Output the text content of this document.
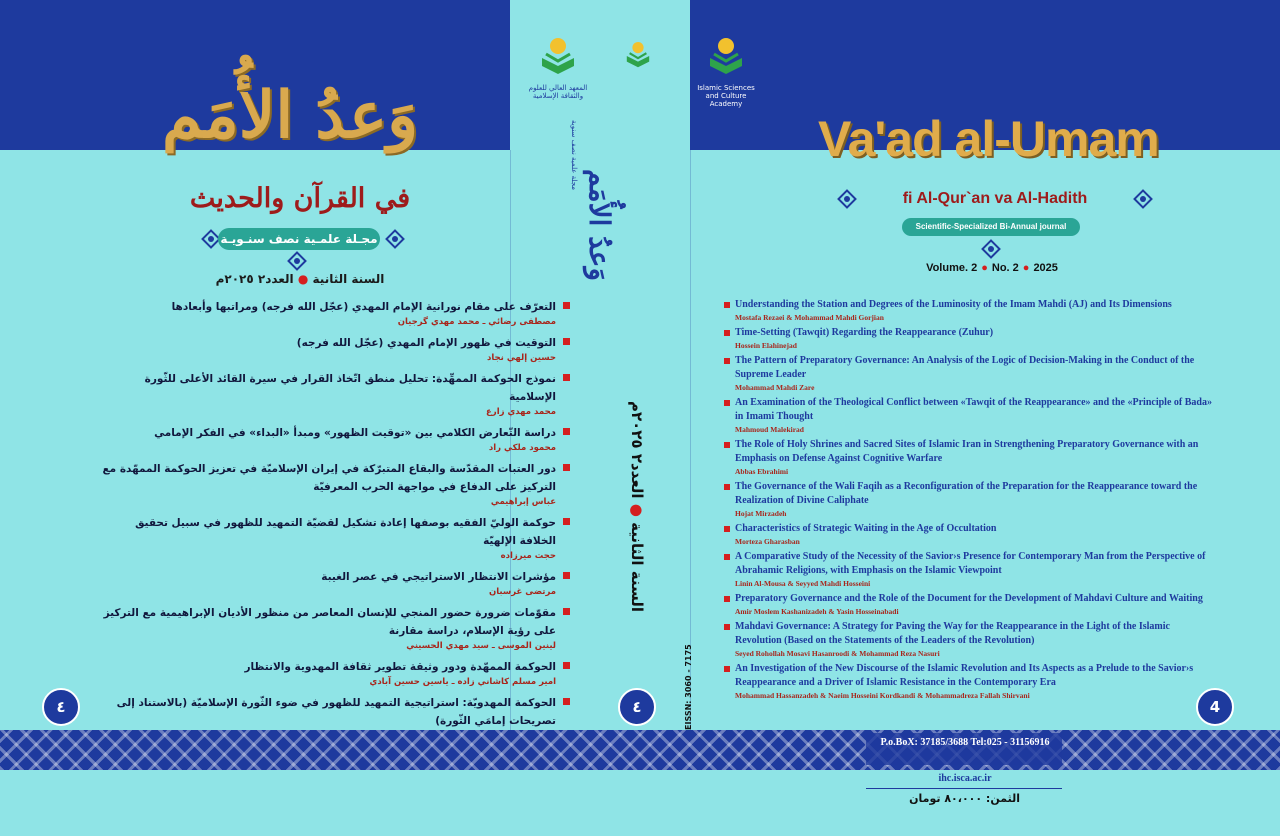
المعهد العالي للعلوم والثقافة الإسلامية
مجلة علمية نصف سنوية
Islamic Sciences and Culture Academy
وَعدُ الأُمَم
في القرآن والحديث
مجـلة علمـية نصف سنـويـة
السنة الثانية ● العدد٢ ٢٠٢٥م
التعرّف على مقام نورانية الإمام المهدي (عجّل الله فرجه) ومراتبها وأبعادها
مصطفى رضائي ـ محمد مهدي گرجيان
التوقيت في ظهور الإمام المهدي (عجّل الله فرجه)
حسين إلهي نجاد
نموذج الحوكمة الممهِّدة: تحليل منطق اتّخاذ القرار في سيرة القائد الأعلى للثّورة الإسلامية
محمد مهدي زارع
دراسة التّعارض الكلامي بين «توقيت الظهور» ومبدأ «البداء» في الفكر الإمامي
محمود ملكي راد
دور العتبات المقدّسة والبقاع المتبرّكة في إيران الإسلاميّة في تعزيز الحوكمة الممهّدة مع التركيز على الدفاع في مواجهة الحرب المعرفيّة
عباس إبراهيمي
حوكمة الوليّ الفقيه بوصفها إعادة تشكيل لقضيّة التمهيد للظهور في سبيل تحقيق الخلافة الإلهيّة
حجت ميرزاده
مؤشرات الانتظار الاستراتيجي في عصر الغيبة
مرتضى غرسبان
مقوّمات ضرورة حضور المنجي للإنسان المعاصر من منظور الأديان الإبراهيمية مع التركيز على رؤية الإسلام، دراسة مقارنة
لينين الموسى ـ سيد مهدي الحسيني
الحوكمة الممهّدة ودور وثيقة تطوير ثقافة المهدوية والانتظار
امير مسلم كاشاني زاده ـ ياسين حسين آبادي
الحوكمة المهدويّة: استراتيجية التمهيد للظهور في ضوء الثّورة الإسلاميّة (بالاستناد إلى تصريحات إمامَي الثّورة)
٤
وَعدُ الأُمَم
السنة الثانية ● العدد٢ ٢٠٢٥م
EISSN: 3060 - 7175
٤
Va'ad al-Umam
fi Al-Qur`an va Al-Hadith
Scientific-Specialized Bi-Annual journal
Volume. 2 ● No. 2 ● 2025
Understanding the Station and Degrees of the Luminosity of the Imam Mahdi (AJ) and Its Dimensions
Mostafa Rezaei & Mohammad Mahdi Gorjian
Time-Setting (Tawqit) Regarding the Reappearance (Zuhur)
Hossein Elahinejad
The Pattern of Preparatory Governance: An Analysis of the Logic of Decision-Making in the Conduct of the Supreme Leader
Mohammad Mahdi Zare
An Examination of the Theological Conflict between «Tawqit of the Reappearance» and the «Principle of Bada» in Imami Thought
Mahmoud Malekirad
The Role of Holy Shrines and Sacred Sites of Islamic Iran in Strengthening Preparatory Governance with an Emphasis on Defense Against Cognitive Warfare
Abbas Ebrahimi
The Governance of the Wali Faqih as a Reconfiguration of the Preparation for the Reappearance toward the Realization of Divine Caliphate
Hojat Mirzadeh
Characteristics of Strategic Waiting in the Age of Occultation
Morteza Gharasban
A Comparative Study of the Necessity of the Savior›s Presence for Contemporary Man from the Perspective of Abrahamic Religions, with Emphasis on the Islamic Viewpoint
Linin Al-Mousa & Seyyed Mahdi Hosseini
Preparatory Governance and the Role of the Document for the Development of Mahdavi Culture and Waiting
Amir Moslem Kashanizadeh & Yasin Hosseinabadi
Mahdavi Governance: A Strategy for Paving the Way for the Reappearance in the Light of the Islamic Revolution (Based on the Statements of the Leaders of the Revolution)
Seyed Rohollah Mosavi Hasanroodi & Mohammad Reza Nasuri
An Investigation of the New Discourse of the Islamic Revolution and Its Aspects as a Prelude to the Savior›s Reappearance and a Driver of Islamic Resistance in the Contemporary Era
Mohammad Hassanzadeh & Naeim Hosseini Kordkandi & Mohammadreza Fallah Shirvani
4
P.o.BoX: 37185/3688 Tel:025 - 31156916
ihc.isca.ac.ir
الثمن: ۸۰،۰۰۰ تومان
